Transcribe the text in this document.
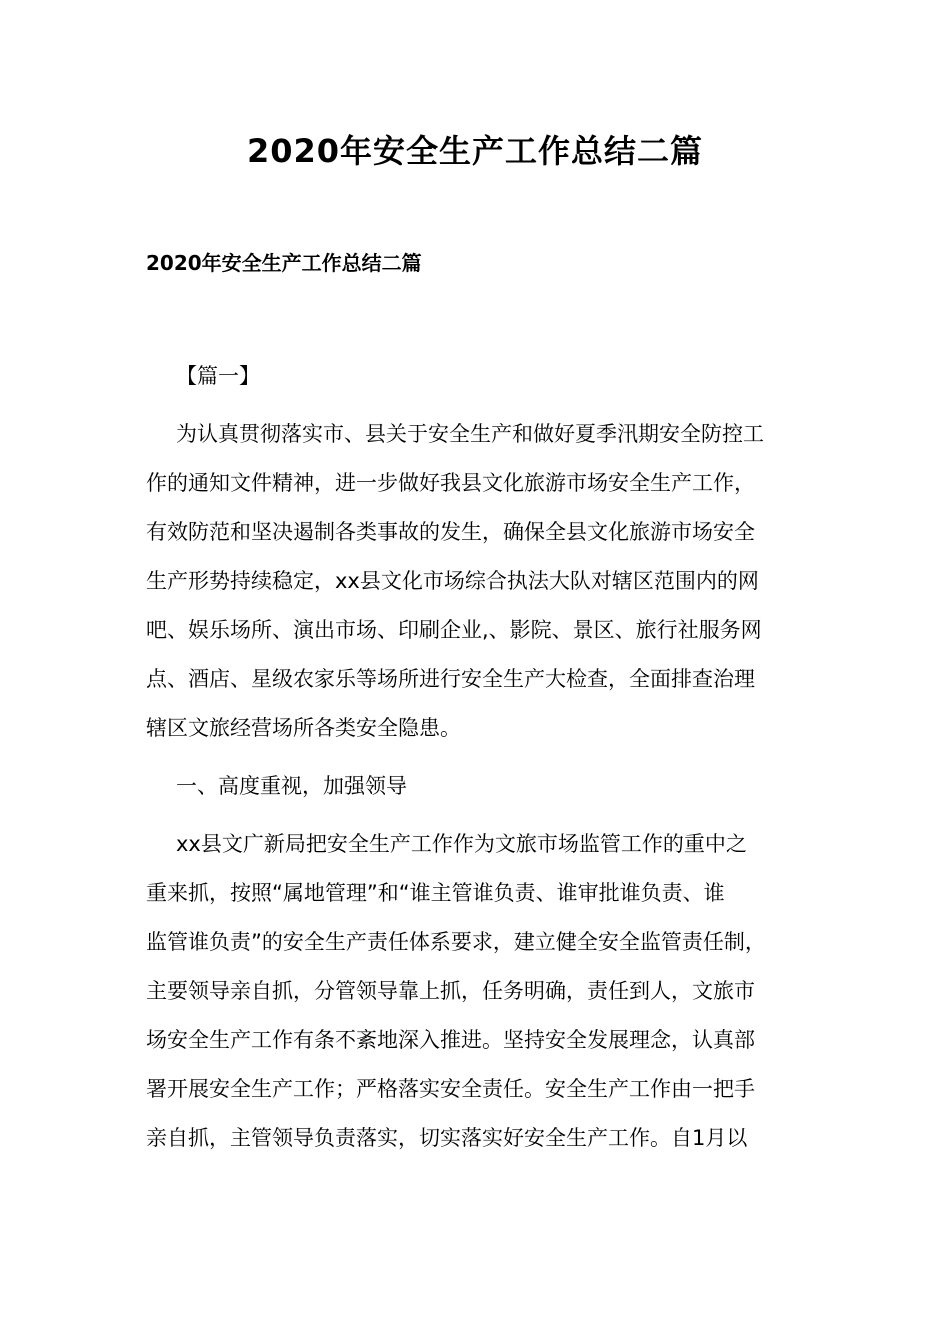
2020年安全生产工作总结二篇
2020年安全生产工作总结二篇

【篇一】

为认真贯彻落实市、县关于安全生产和做好夏季汛期安全防控工
作的通知文件精神，进一步做好我县文化旅游市场安全生产工作，
有效防范和坚决遏制各类事故的发生，确保全县文化旅游市场安全
生产形势持续稳定，xx县文化市场综合执法大队对辖区范围内的网
吧、娱乐场所、演出市场、印刷企业,、影院、景区、旅行社服务网
点、酒店、星级农家乐等场所进行安全生产大检查，全面排查治理
辖区文旅经营场所各类安全隐患。

一、高度重视，加强领导

xx县文广新局把安全生产工作作为文旅市场监管工作的重中之
重来抓，按照“属地管理”和“谁主管谁负责、谁审批谁负责、谁
监管谁负责”的安全生产责任体系要求，建立健全安全监管责任制，
主要领导亲自抓，分管领导靠上抓，任务明确，责任到人，文旅市
场安全生产工作有条不紊地深入推进。坚持安全发展理念，认真部
署开展安全生产工作；严格落实安全责任。安全生产工作由一把手
亲自抓，主管领导负责落实，切实落实好安全生产工作。自1月以
